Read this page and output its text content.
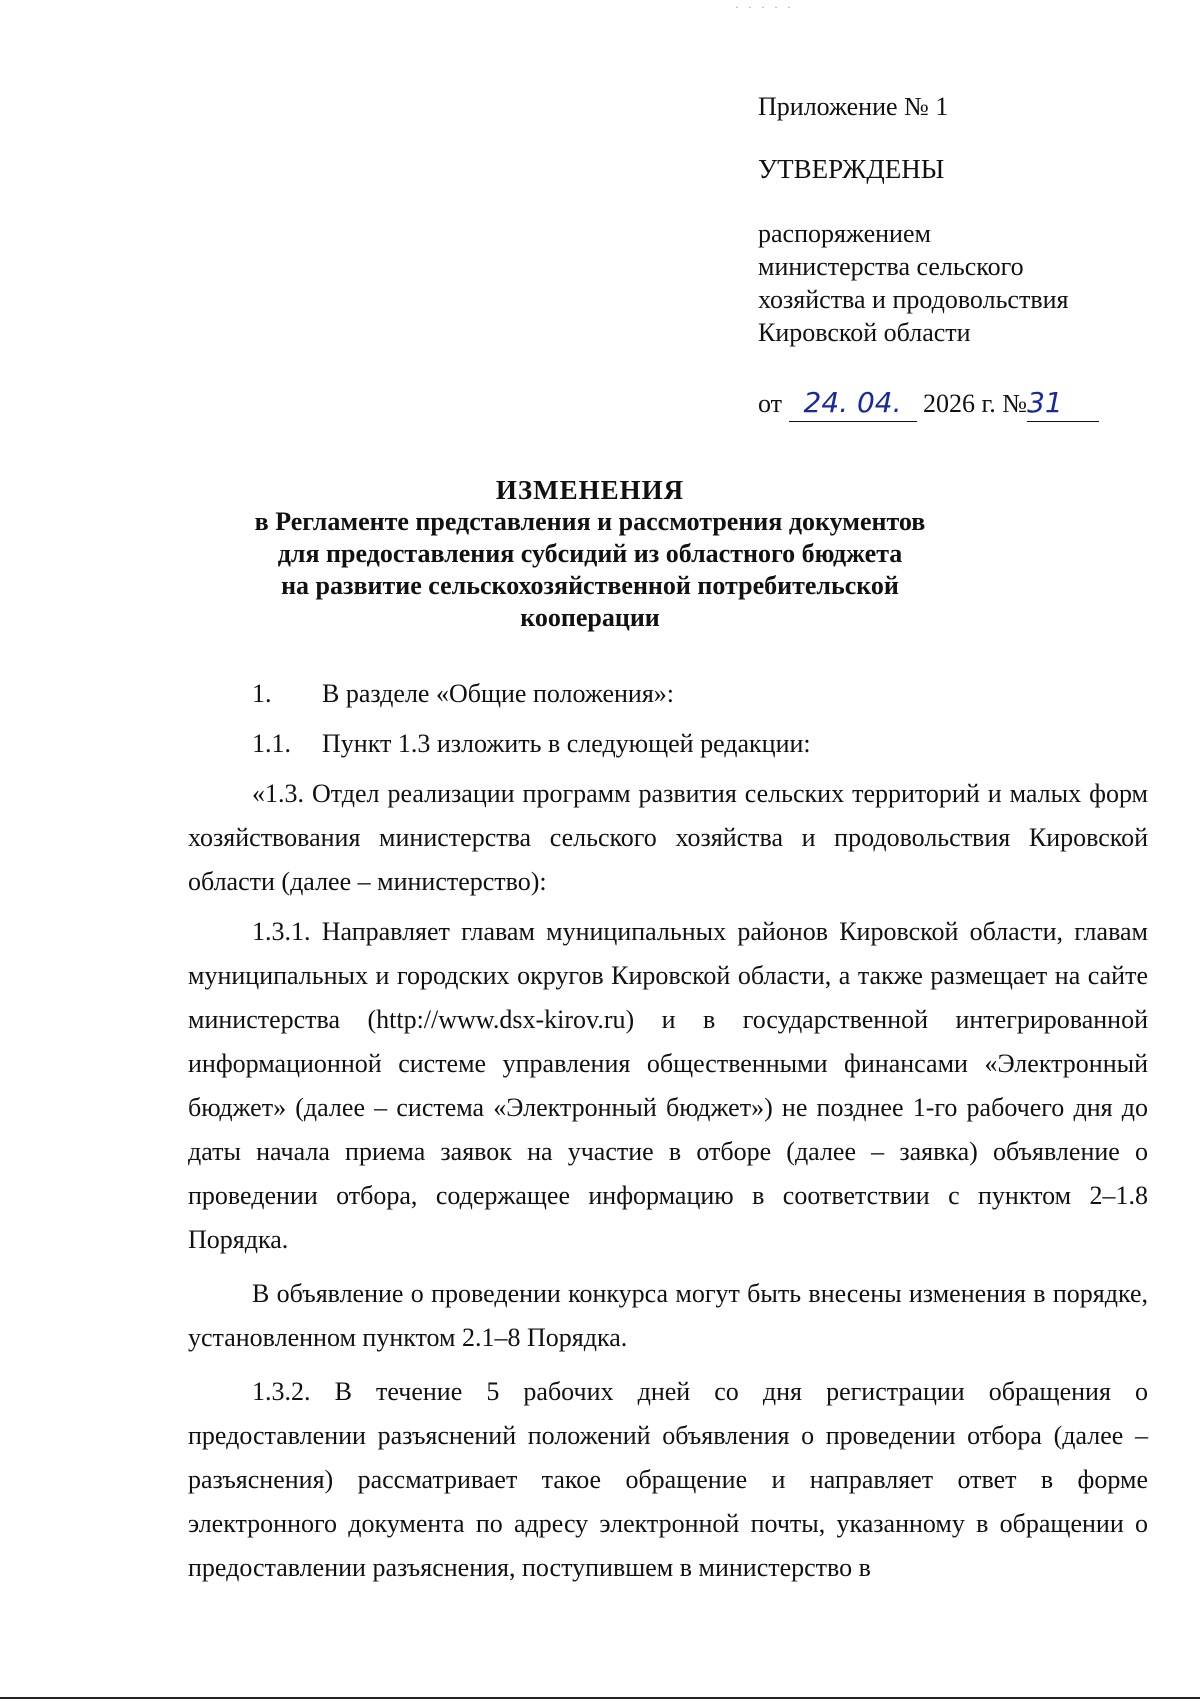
· · · · ·
Приложение № 1
УТВЕРЖДЕНЫ
распоряжением
министерства сельского
хозяйства и продовольствия
Кировской области
от 24. 04. 2026 г. №31
ИЗМЕНЕНИЯ
в Регламенте представления и рассмотрения документов
для предоставления субсидий из областного бюджета
на развитие сельскохозяйственной потребительской
кооперации

1. В разделе «Общие положения»:

1.1. Пункт 1.3 изложить в следующей редакции:

«1.3. Отдел реализации программ развития сельских территорий и малых форм хозяйствования министерства сельского хозяйства и продовольствия Кировской области (далее – министерство):

1.3.1. Направляет главам муниципальных районов Кировской области, главам муниципальных и городских округов Кировской области, а также размещает на сайте министерства (http://www.dsx-kirov.ru) и в государственной интегрированной информационной системе управления общественными финансами «Электронный бюджет» (далее – система «Электронный бюджет») не позднее 1-го рабочего дня до даты начала приема заявок на участие в отборе (далее – заявка) объявление о проведении отбора, содержащее информацию в соответствии с пунктом 2–1.8 Порядка.

В объявление о проведении конкурса могут быть внесены изменения в порядке, установленном пунктом 2.1–8 Порядка.

1.3.2. В течение 5 рабочих дней со дня регистрации обращения о предоставлении разъяснений положений объявления о проведении отбора (далее – разъяснения) рассматривает такое обращение и направляет ответ в форме электронного документа по адресу электронной почты, указанному в обращении о предоставлении разъяснения, поступившем в министерство в
